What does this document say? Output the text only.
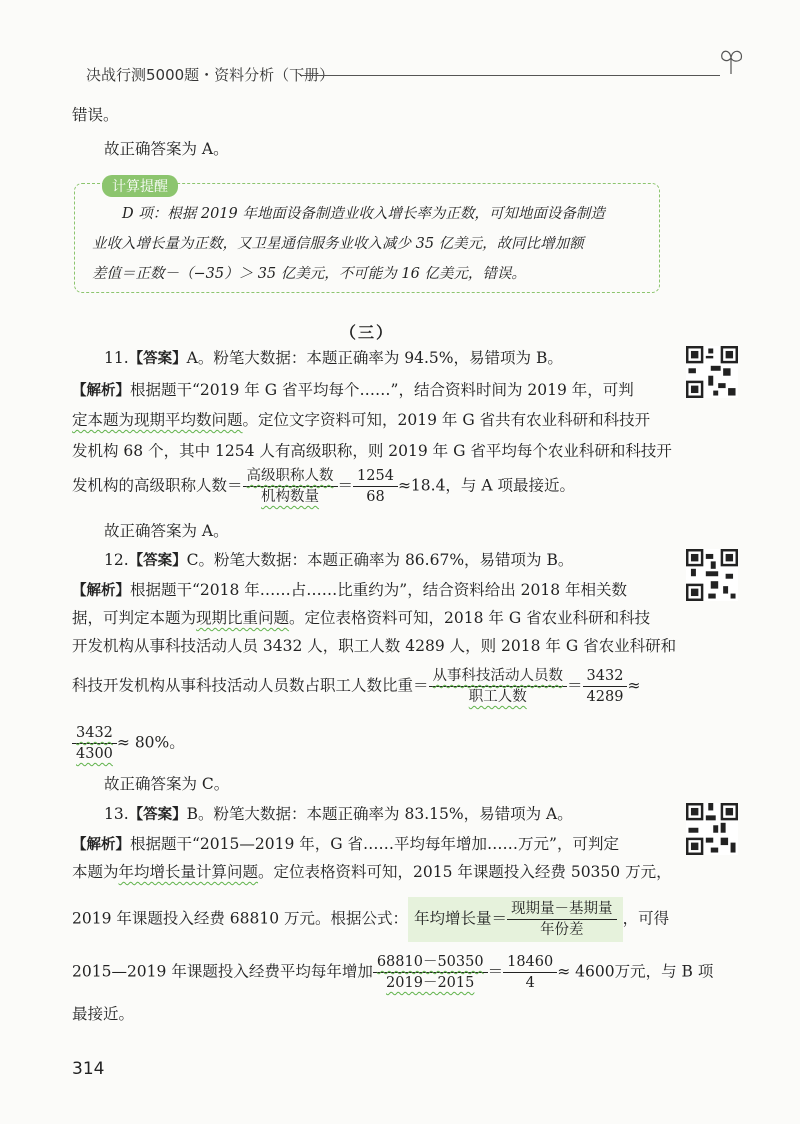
决战行测5000题・资料分析（下册）
错误。
故正确答案为 A。
计算提醒
D 项：根据 2019 年地面设备制造业收入增长率为正数，可知地面设备制造
业收入增长量为正数，又卫星通信服务业收入减少 35 亿美元，故同比增加额
差值＝正数－（−35）＞ 35 亿美元，不可能为 16 亿美元，错误。
（三）
11.【答案】A。粉笔大数据：本题正确率为 94.5%，易错项为 B。
【解析】根据题干“2019 年 G 省平均每个……”，结合资料时间为 2019 年，可判
定本题为现期平均数问题。定位文字资料可知，2019 年 G 省共有农业科研和科技开
发机构 68 个，其中 1254 人有高级职称，则 2019 年 G 省平均每个农业科研和科技开
发机构的高级职称人数＝ $\frac{\text{高级职称人数}}{\text{机构数量}} = \frac{1254}{68} \approx 18.4$，与 A 项最接近。
故正确答案为 A。
12.【答案】C。粉笔大数据：本题正确率为 86.67%，易错项为 B。
【解析】根据题干“2018 年……占……比重约为”，结合资料给出 2018 年相关数
据，可判定本题为现期比重问题。定位表格资料可知，2018 年 G 省农业科研和科技
开发机构从事科技活动人员 3432 人，职工人数 4289 人，则 2018 年 G 省农业科研和
科技开发机构从事科技活动人员数占职工人数比重＝ $\frac{\text{从事科技活动人员数}}{\text{职工人数}} = \frac{3432}{4289}$ ≈
$\frac{3432}{4300} \approx 80\%$。
故正确答案为 C。
13.【答案】B。粉笔大数据：本题正确率为 83.15%，易错项为 A。
【解析】根据题干“2015—2019 年，G 省……平均每年增加……万元”，可判定
本题为年均增长量计算问题。定位表格资料可知，2015 年课题投入经费 50350 万元，
2019 年课题投入经费 68810 万元。根据公式： 年均增长量＝ $\frac{\text{现期量－基期量}}{\text{年份差}}$ ，可得
2015—2019 年课题投入经费平均每年增加 $\frac{68810-50350}{2019-2015} = \frac{18460}{4} \approx 4600$万元，与 B 项
最接近。
314
